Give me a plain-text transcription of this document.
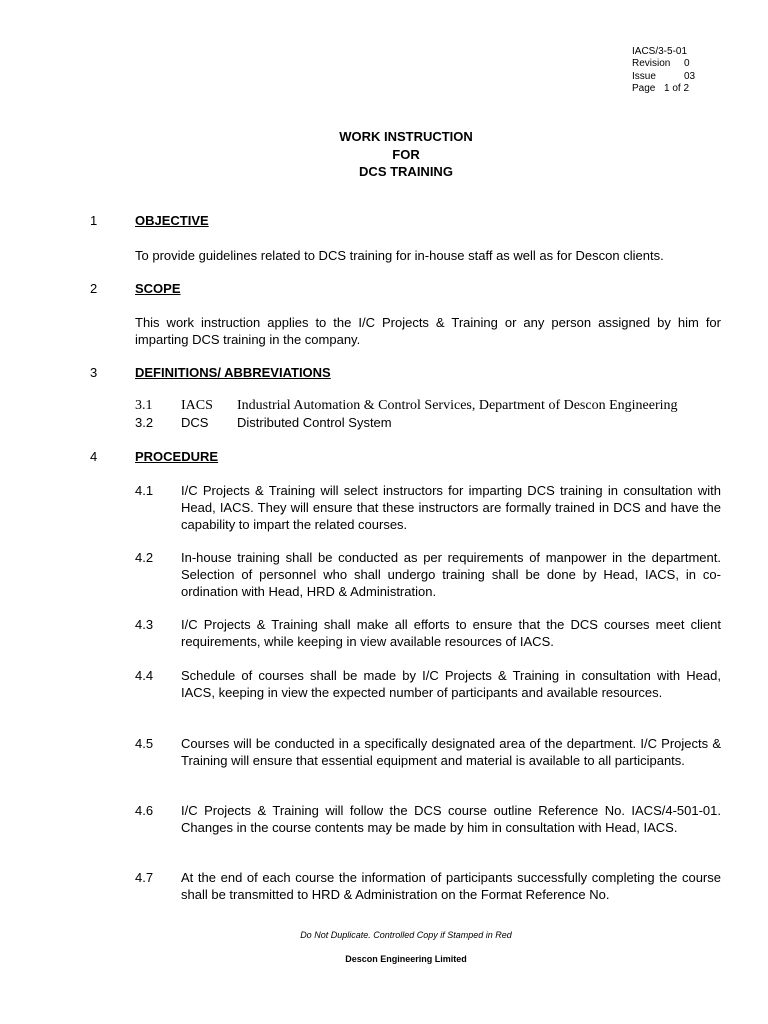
IACS/3-5-01
Revision	0
Issue	03
Page 1 of 2
WORK INSTRUCTION
FOR
DCS TRAINING
1	OBJECTIVE
To provide guidelines related to DCS training for in-house staff as well as for Descon clients.
2	SCOPE
This work instruction applies to the I/C Projects & Training or any person assigned by him for imparting DCS training in the company.
3	DEFINITIONS/ ABBREVIATIONS
3.1 IACS Industrial Automation & Control Services, Department of Descon Engineering
3.2 DCS Distributed Control System
4	PROCEDURE
4.1 I/C Projects & Training will select instructors for imparting DCS training in consultation with Head, IACS. They will ensure that these instructors are formally trained in DCS and have the capability to impart the related courses.
4.2 In-house training shall be conducted as per requirements of manpower in the department. Selection of personnel who shall undergo training shall be done by Head, IACS, in co-ordination with Head, HRD & Administration.
4.3 I/C Projects & Training shall make all efforts to ensure that the DCS courses meet client requirements, while keeping in view available resources of IACS.
4.4 Schedule of courses shall be made by I/C Projects & Training in consultation with Head, IACS, keeping in view the expected number of participants and available resources.
4.5 Courses will be conducted in a specifically designated area of the department. I/C Projects & Training will ensure that essential equipment and material is available to all participants.
4.6 I/C Projects & Training will follow the DCS course outline Reference No. IACS/4-501-01. Changes in the course contents may be made by him in consultation with Head, IACS.
4.7 At the end of each course the information of participants successfully completing the course shall be transmitted to HRD & Administration on the Format Reference No.
Do Not Duplicate. Controlled Copy if Stamped in Red
Descon Engineering Limited
